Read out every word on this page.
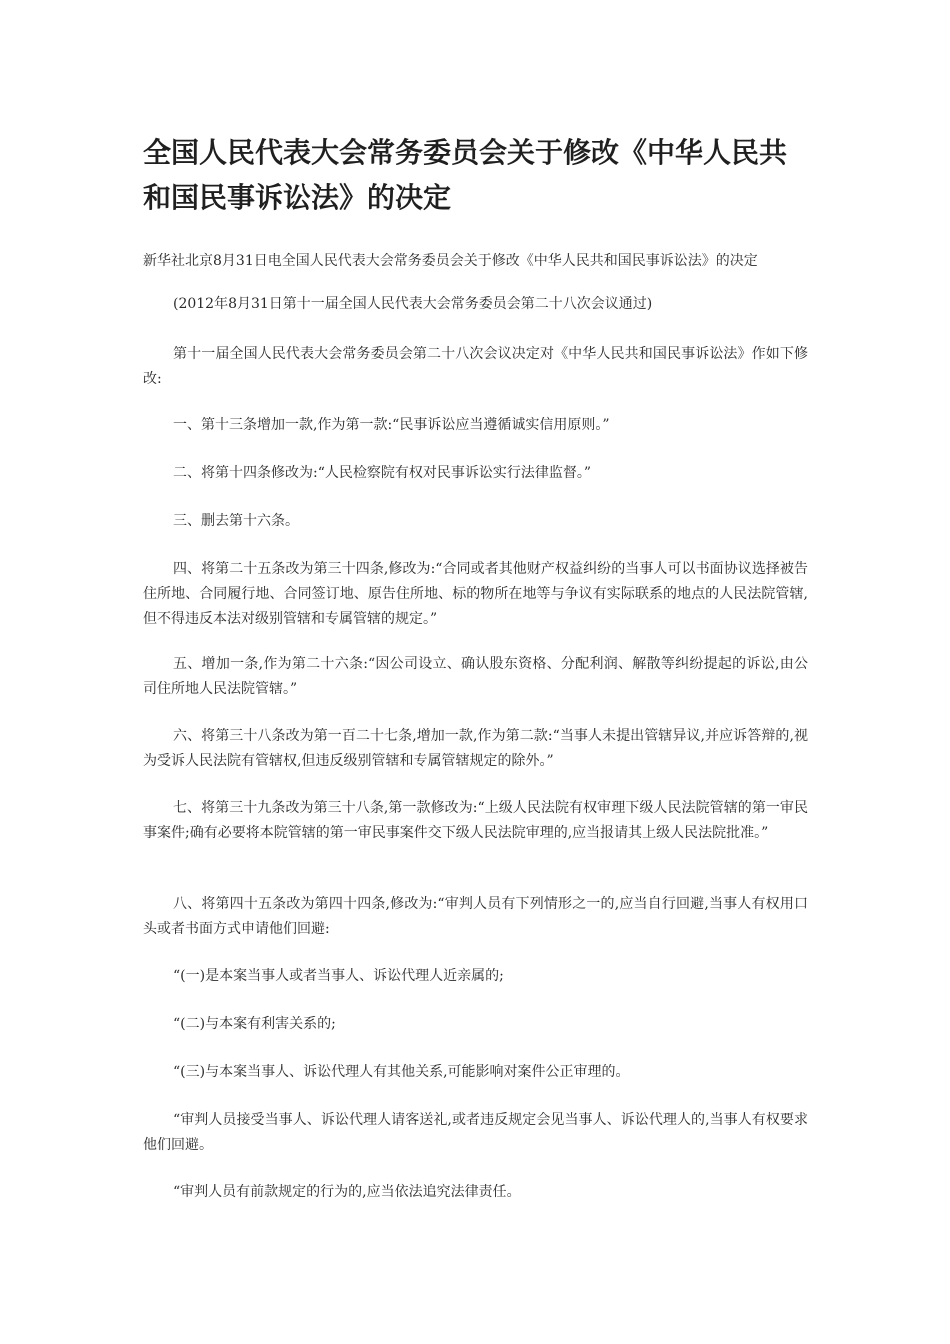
全国人民代表大会常务委员会关于修改《中华人民共和国民事诉讼法》的决定

新华社北京8月31日电全国人民代表大会常务委员会关于修改《中华人民共和国民事诉讼法》的决定

(2012年8月31日第十一届全国人民代表大会常务委员会第二十八次会议通过)

第十一届全国人民代表大会常务委员会第二十八次会议决定对《中华人民共和国民事诉讼法》作如下修改:

一、第十三条增加一款,作为第一款:“民事诉讼应当遵循诚实信用原则。”

二、将第十四条修改为:“人民检察院有权对民事诉讼实行法律监督。”

三、删去第十六条。

四、将第二十五条改为第三十四条,修改为:“合同或者其他财产权益纠纷的当事人可以书面协议选择被告住所地、合同履行地、合同签订地、原告住所地、标的物所在地等与争议有实际联系的地点的人民法院管辖,但不得违反本法对级别管辖和专属管辖的规定。”

五、增加一条,作为第二十六条:“因公司设立、确认股东资格、分配利润、解散等纠纷提起的诉讼,由公司住所地人民法院管辖。”

六、将第三十八条改为第一百二十七条,增加一款,作为第二款:“当事人未提出管辖异议,并应诉答辩的,视为受诉人民法院有管辖权,但违反级别管辖和专属管辖规定的除外。”

七、将第三十九条改为第三十八条,第一款修改为:“上级人民法院有权审理下级人民法院管辖的第一审民事案件;确有必要将本院管辖的第一审民事案件交下级人民法院审理的,应当报请其上级人民法院批准。”

八、将第四十五条改为第四十四条,修改为:“审判人员有下列情形之一的,应当自行回避,当事人有权用口头或者书面方式申请他们回避:

“(一)是本案当事人或者当事人、诉讼代理人近亲属的;

“(二)与本案有利害关系的;

“(三)与本案当事人、诉讼代理人有其他关系,可能影响对案件公正审理的。

“审判人员接受当事人、诉讼代理人请客送礼,或者违反规定会见当事人、诉讼代理人的,当事人有权要求他们回避。

“审判人员有前款规定的行为的,应当依法追究法律责任。
